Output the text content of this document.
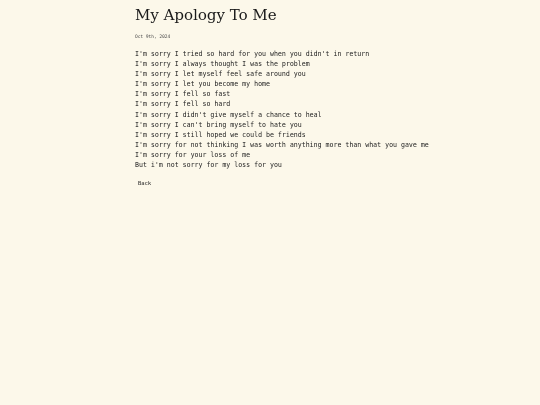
My Apology To Me
Oct 9th, 2024
I'm sorry I tried so hard for you when you didn't in return
I'm sorry I always thought I was the problem
I'm sorry I let myself feel safe around you
I'm sorry I let you become my home
I'm sorry I fell so fast
I'm sorry I fell so hard
I'm sorry I didn't give myself a chance to heal
I'm sorry I can't bring myself to hate you
I'm sorry I still hoped we could be friends
I'm sorry for not thinking I was worth anything more than what you gave me
I'm sorry for your loss of me
But i'm not sorry for my loss for you
Back
